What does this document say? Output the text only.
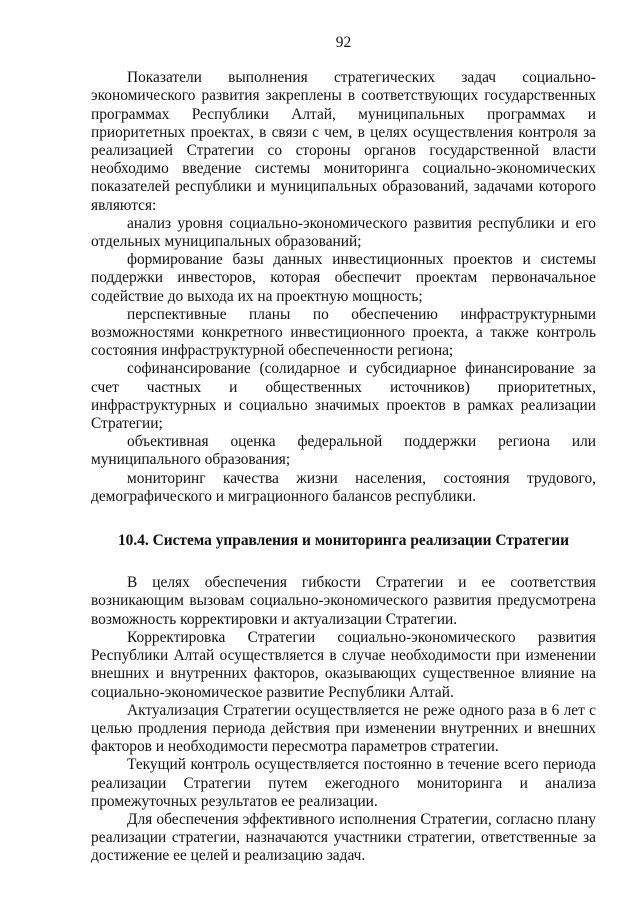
92

Показатели выполнения стратегических задач социально-экономического развития закреплены в соответствующих государственных программах Республики Алтай, муниципальных программах и приоритетных проектах, в связи с чем, в целях осуществления контроля за реализацией Стратегии со стороны органов государственной власти необходимо введение системы мониторинга социально-экономических показателей республики и муниципальных образований, задачами которого являются:

анализ уровня социально-экономического развития республики и его отдельных муниципальных образований;

формирование базы данных инвестиционных проектов и системы поддержки инвесторов, которая обеспечит проектам первоначальное содействие до выхода их на проектную мощность;

перспективные планы по обеспечению инфраструктурными возможностями конкретного инвестиционного проекта, а также контроль состояния инфраструктурной обеспеченности региона;

софинансирование (солидарное и субсидиарное финансирование за счет частных и общественных источников) приоритетных, инфраструктурных и социально значимых проектов в рамках реализации Стратегии;

объективная оценка федеральной поддержки региона или муниципального образования;

мониторинг качества жизни населения, состояния трудового, демографического и миграционного балансов республики.

10.4. Система управления и мониторинга реализации Стратегии

В целях обеспечения гибкости Стратегии и ее соответствия возникающим вызовам социально-экономического развития предусмотрена возможность корректировки и актуализации Стратегии.

Корректировка Стратегии социально-экономического развития Республики Алтай осуществляется в случае необходимости при изменении внешних и внутренних факторов, оказывающих существенное влияние на социально-экономическое развитие Республики Алтай.

Актуализация Стратегии осуществляется не реже одного раза в 6 лет с целью продления периода действия при изменении внутренних и внешних факторов и необходимости пересмотра параметров стратегии.

Текущий контроль осуществляется постоянно в течение всего периода реализации Стратегии путем ежегодного мониторинга и анализа промежуточных результатов ее реализации.

Для обеспечения эффективного исполнения Стратегии, согласно плану реализации стратегии, назначаются участники стратегии, ответственные за достижение ее целей и реализацию задач.
